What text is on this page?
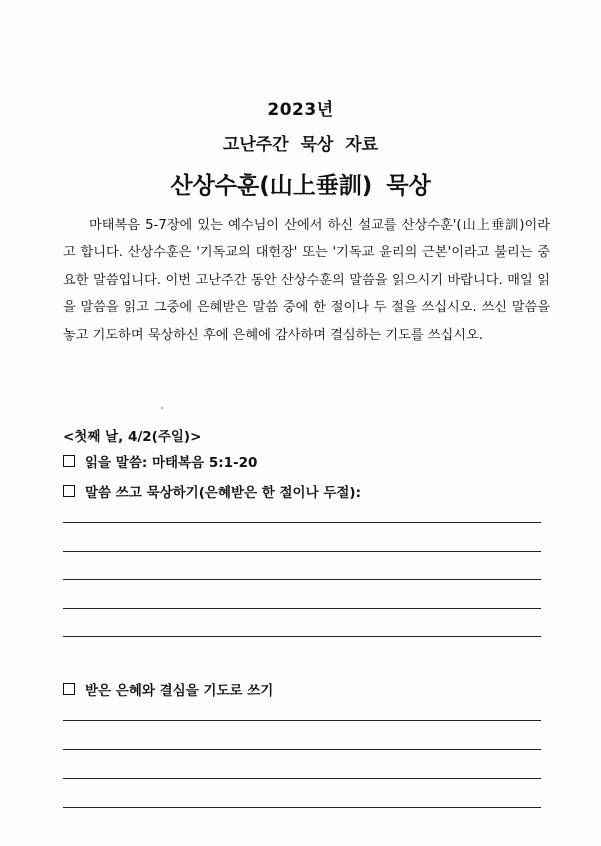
2023년
고난주간 묵상 자료
산상수훈(山上垂訓) 묵상

마태복음 5-7장에 있는 예수님이 산에서 하신 설교를 산상수훈'(山上垂訓)이라고 합니다. 산상수훈은 '기독교의 대헌장' 또는 '기독교 윤리의 근본'이라고 불리는 중요한 말씀입니다. 이번 고난주간 동안 산상수훈의 말씀을 읽으시기 바랍니다. 매일 읽을 말씀을 읽고 그중에 은혜받은 말씀 중에 한 절이나 두 절을 쓰십시오. 쓰신 말씀을 놓고 기도하며 묵상하신 후에 은혜에 감사하며 결심하는 기도를 쓰십시오.

<첫째 날, 4/2(주일)>
읽을 말씀: 마태복음 5:1-20
말씀 쓰고 묵상하기(은혜받은 한 절이나 두절):
받은 은혜와 결심을 기도로 쓰기
